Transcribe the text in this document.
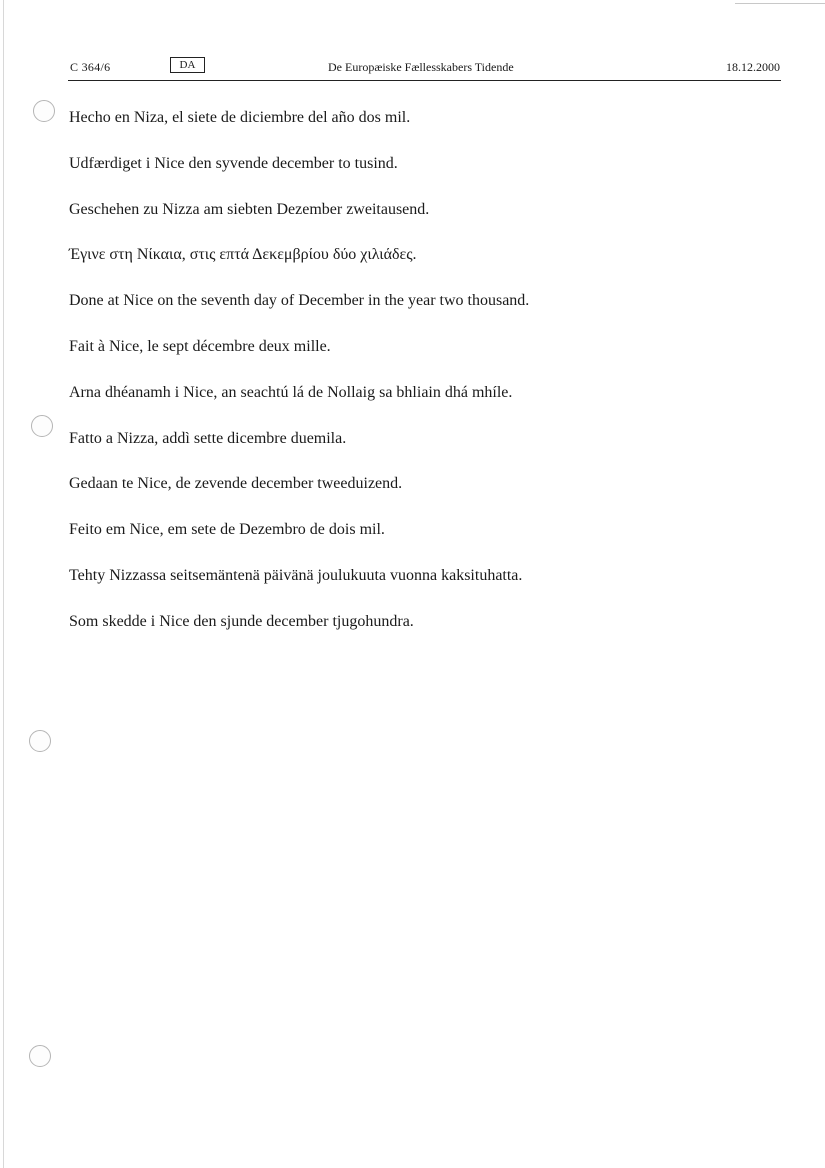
C 364/6	DA	De Europæiske Fællesskabers Tidende	18.12.2000
Hecho en Niza, el siete de diciembre del año dos mil.
Udfærdiget i Nice den syvende december to tusind.
Geschehen zu Nizza am siebten Dezember zweitausend.
Έγινε στη Νίκαια, στις επτά Δεκεμβρίου δύο χιλιάδες.
Done at Nice on the seventh day of December in the year two thousand.
Fait à Nice, le sept décembre deux mille.
Arna dhéanamh i Nice, an seachtú lá de Nollaig sa bhliain dhá mhíle.
Fatto a Nizza, addì sette dicembre duemila.
Gedaan te Nice, de zevende december tweeduizend.
Feito em Nice, em sete de Dezembro de dois mil.
Tehty Nizzassa seitsemäntenä päivänä joulukuuta vuonna kaksituhatta.
Som skedde i Nice den sjunde december tjugohundra.
